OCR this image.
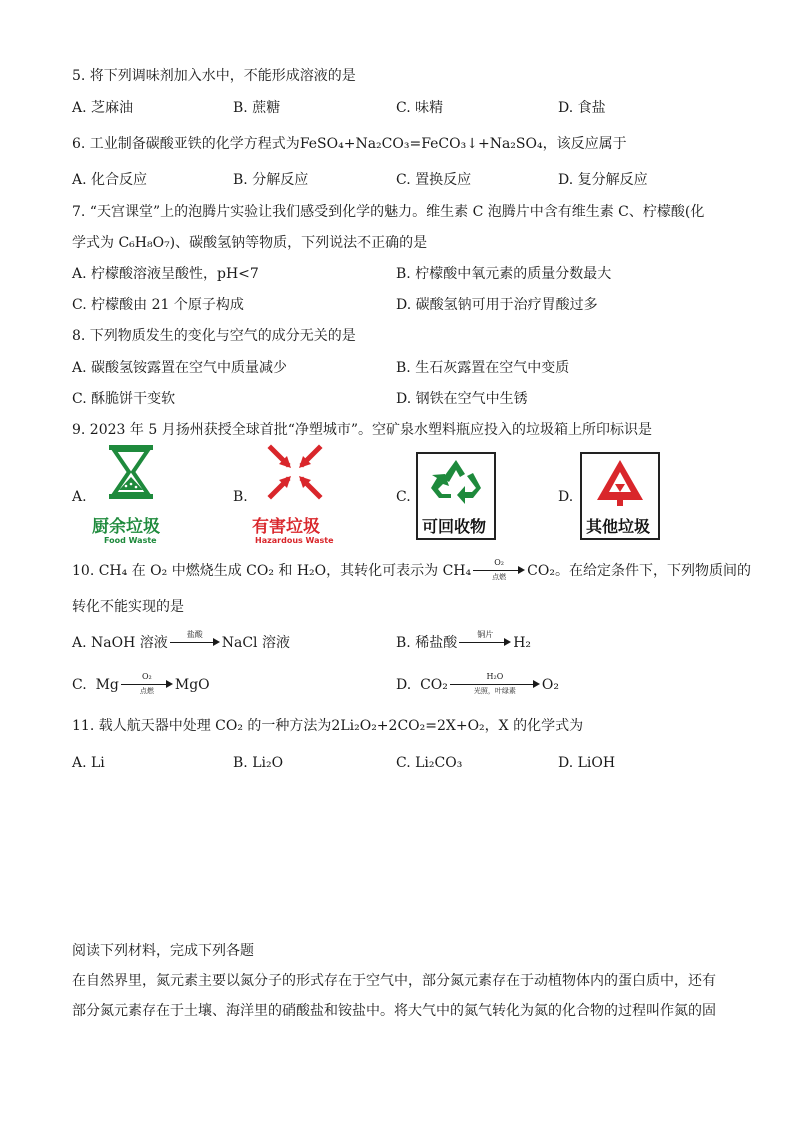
5. 将下列调味剂加入水中，不能形成溶液的是
A. 芝麻油	B. 蔗糖	C. 味精	D. 食盐
6. 工业制备碳酸亚铁的化学方程式为FeSO₄+Na₂CO₃=FeCO₃↓+Na₂SO₄，该反应属于
A. 化合反应	B. 分解反应	C. 置换反应	D. 复分解反应
7. “天宫课堂”上的泡腾片实验让我们感受到化学的魅力。维生素 C 泡腾片中含有维生素 C、柠檬酸(化
学式为 C₆H₈O₇)、碳酸氢钠等物质，下列说法不正确的是
A. 柠檬酸溶液呈酸性，pH<7	B. 柠檬酸中氧元素的质量分数最大
C. 柠檬酸由 21 个原子构成	D. 碳酸氢钠可用于治疗胃酸过多
8. 下列物质发生的变化与空气的成分无关的是
A. 碳酸氢铵露置在空气中质量减少	B. 生石灰露置在空气中变质
C. 酥脆饼干变软	D. 钢铁在空气中生锈
9. 2023 年 5 月扬州获授全球首批“净塑城市”。空矿泉水塑料瓶应投入的垃圾箱上所印标识是
A.
厨余垃圾
Food Waste
B.
有害垃圾
Hazardous Waste
C.
可回收物
D.
其他垃圾
10. CH₄ 在 O₂ 中燃烧生成 CO₂ 和 H₂O，其转化可表示为 CH₄
O₂
点燃	CO₂。在给定条件下，下列物质间的
转化不能实现的是
A. NaOH 溶液
盐酸
NaCl 溶液	B. 稀盐酸
铜片
H₂
C. Mg
O₂
点燃	MgO	D. CO₂
H₂O
光照，叶绿素	O₂
11. 载人航天器中处理 CO₂ 的一种方法为2Li₂O₂+2CO₂=2X+O₂，X 的化学式为
A. Li	B. Li₂O	C. Li₂CO₃	D. LiOH
阅读下列材料，完成下列各题
在自然界里，氮元素主要以氮分子的形式存在于空气中，部分氮元素存在于动植物体内的蛋白质中，还有
部分氮元素存在于土壤、海洋里的硝酸盐和铵盐中。将大气中的氮气转化为氮的化合物的过程叫作氮的固
